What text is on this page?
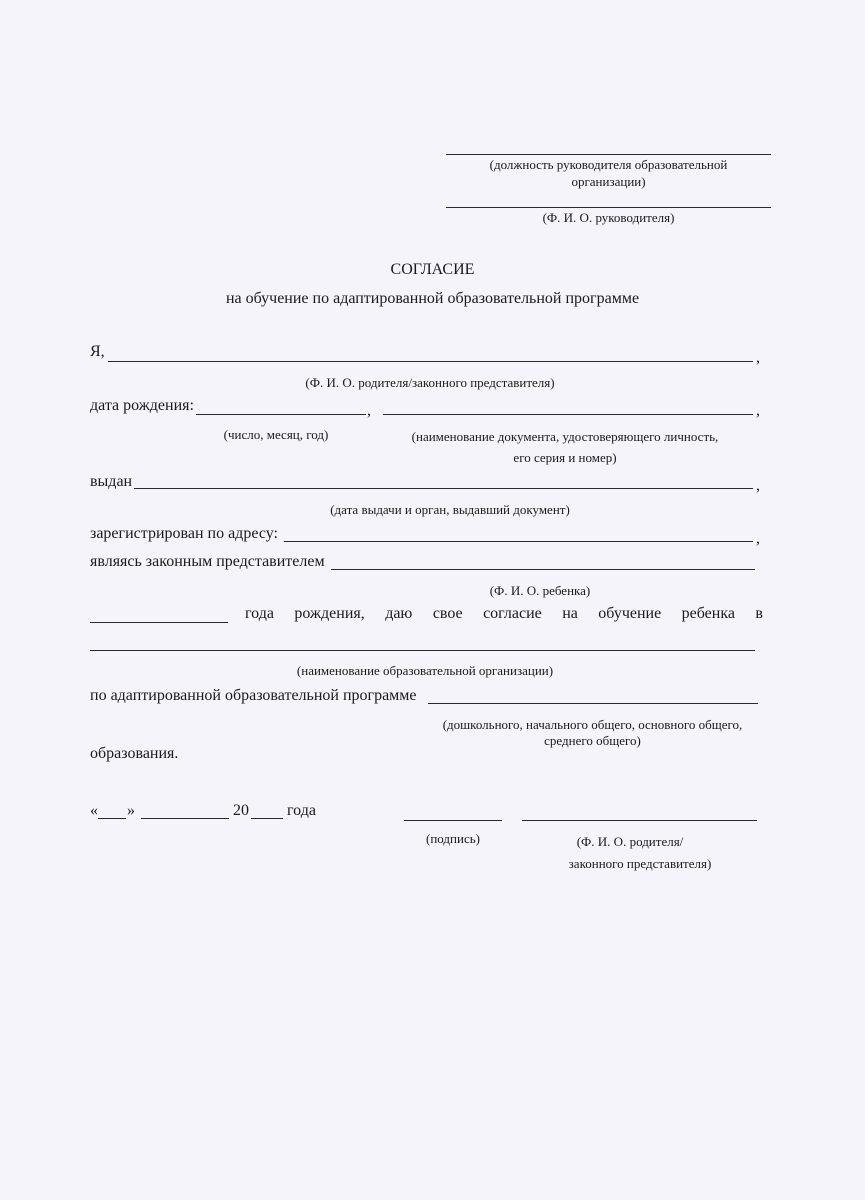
(должность руководителя образовательной
организации)
(Ф. И. О. руководителя)
СОГЛАСИЕ
на обучение по адаптированной образовательной программе
Я,	,
(Ф. И. О. родителя/законного представителя)
дата рождения:	,	,
(число, месяц, год)	(наименование документа, удостоверяющего личность,
его серия и номер)
выдан	,
(дата выдачи и орган, выдавший документ)
зарегистрирован по адресу:	,
являясь законным представителем
(Ф. И. О. ребенка)
года рождения, даю свое согласие на обучение ребенка в
(наименование образовательной организации)
по адаптированной образовательной программе
(дошкольного, начального общего, основного общего,
среднего общего)
образования.
« »	20 года
(подпись)	(Ф. И. О. родителя/
законного представителя)
